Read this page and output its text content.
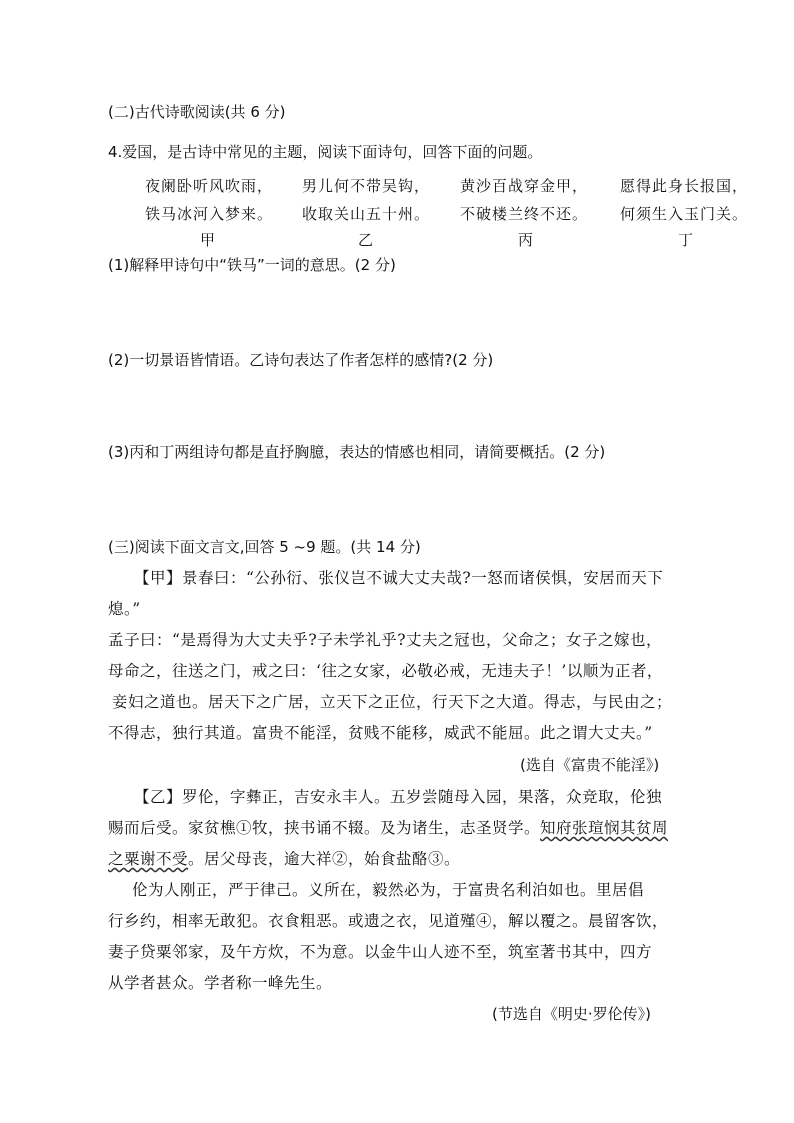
(二)古代诗歌阅读(共 6 分)
4.爱国，是古诗中常见的主题，阅读下面诗句，回答下面的问题。
夜阑卧听风吹雨，
铁马冰河入梦来。
男儿何不带吴钩，
收取关山五十州。
黄沙百战穿金甲，
不破楼兰终不还。
愿得此身长报国，
何须生入玉门关。
甲	乙	丙	丁
(1)解释甲诗句中“铁马”一词的意思。(2 分)
(2)一切景语皆情语。乙诗句表达了作者怎样的感情?(2 分)
(3)丙和丁两组诗句都是直抒胸臆，表达的情感也相同，请简要概括。(2 分)
(三)阅读下面文言文,回答 5 ~9 题。(共 14 分)
【甲】景春曰：“公孙衍、张仪岂不诚大丈夫哉?一怒而诸侯惧，安居而天下
熄。”
孟子曰：“是焉得为大丈夫乎?子未学礼乎?丈夫之冠也，父命之；女子之嫁也，
母命之，往送之门，戒之曰：‘往之女家，必敬必戒，无违夫子！’以顺为正者，
妾妇之道也。居天下之广居，立天下之正位，行天下之大道。得志，与民由之；
不得志，独行其道。富贵不能淫，贫贱不能移，威武不能屈。此之谓大丈夫。”
(选自《富贵不能淫》)
【乙】罗伦，字彝正，吉安永丰人。五岁尝随母入园，果落，众竞取，伦独
赐而后受。家贫樵①牧，挟书诵不辍。及为诸生，志圣贤学。知府张瑄悯其贫周
之粟谢不受。居父母丧，逾大祥②，始食盐酪③。
伦为人刚正，严于律己。义所在，毅然必为，于富贵名利泊如也。里居倡
行乡约，相率无敢犯。衣食粗恶。或遗之衣，见道殣④，解以覆之。晨留客饮，
妻子贷粟邻家，及午方炊，不为意。以金牛山人迹不至，筑室著书其中，四方
从学者甚众。学者称一峰先生。
(节选自《明史·罗伦传》)
